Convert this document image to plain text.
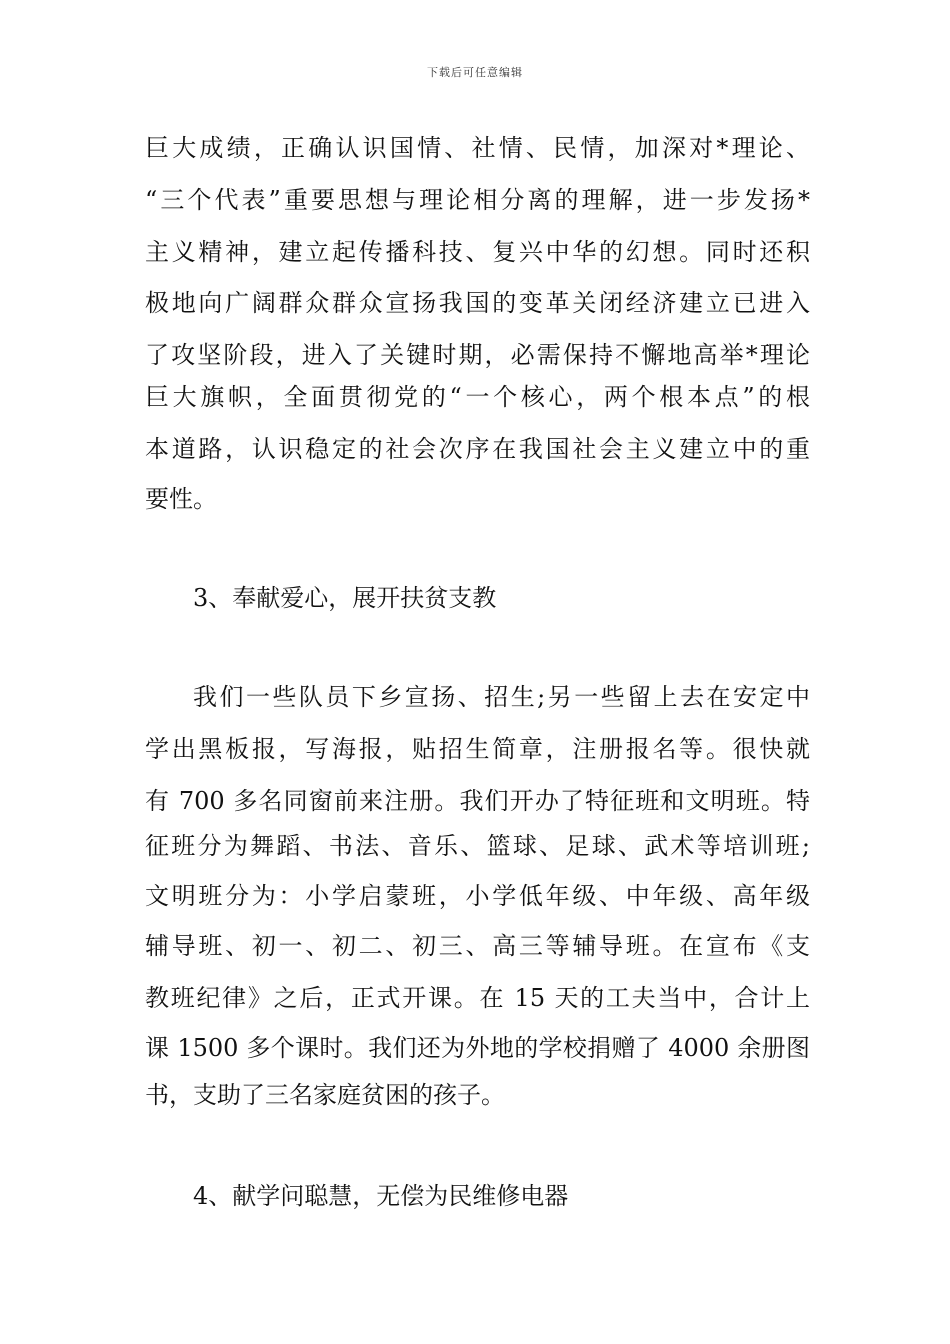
下载后可任意编辑
巨大成绩，正确认识国情、社情、民情，加深对*理论、
“三个代表”重要思想与理论相分离的理解，进一步发扬*
主义精神，建立起传播科技、复兴中华的幻想。同时还积
极地向广阔群众群众宣扬我国的变革关闭经济建立已进入
了攻坚阶段，进入了关键时期，必需保持不懈地高举*理论
巨大旗帜，全面贯彻党的“一个核心，两个根本点”的根
本道路，认识稳定的社会次序在我国社会主义建立中的重
要性。
3、奉献爱心，展开扶贫支教
我们一些队员下乡宣扬、招生;另一些留上去在安定中
学出黑板报，写海报，贴招生简章，注册报名等。很快就
有 700 多名同窗前来注册。我们开办了特征班和文明班。特
征班分为舞蹈、书法、音乐、篮球、足球、武术等培训班;
文明班分为：小学启蒙班，小学低年级、中年级、高年级
辅导班、初一、初二、初三、高三等辅导班。在宣布《支
教班纪律》之后，正式开课。在 15 天的工夫当中，合计上
课 1500 多个课时。我们还为外地的学校捐赠了 4000 余册图
书，支助了三名家庭贫困的孩子。
4、献学问聪慧，无偿为民维修电器
